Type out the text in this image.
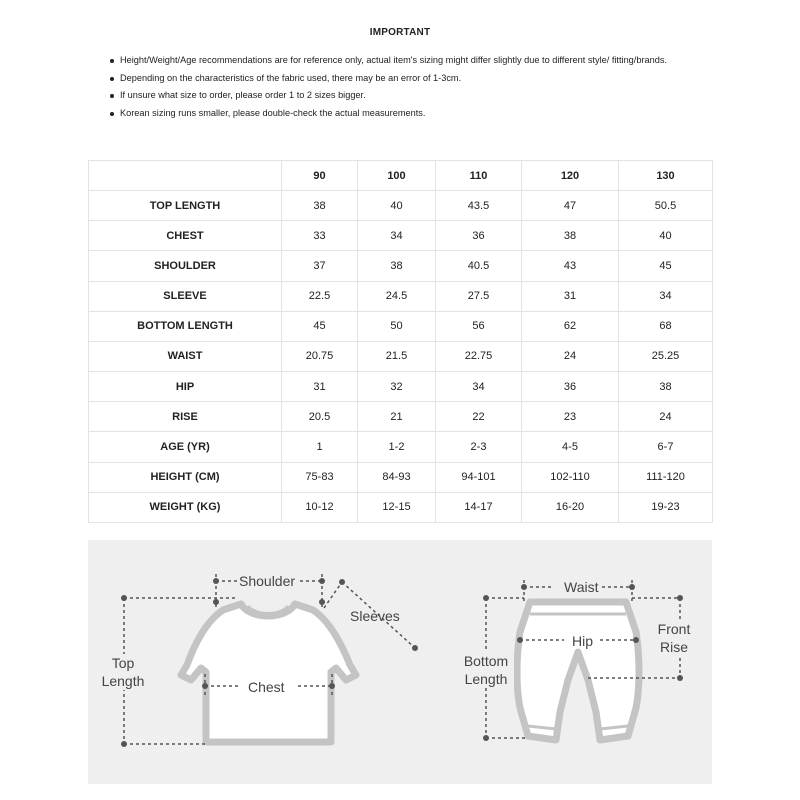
IMPORTANT
Height/Weight/Age recommendations are for reference only, actual item's sizing might differ slightly due to different style/ fitting/brands.
Depending on the characteristics of the fabric used, there may be an error of 1-3cm.
If unsure what size to order, please order 1 to 2 sizes bigger.
Korean sizing runs smaller, please double-check the actual measurements.
	90	100	110	120	130
TOP LENGTH	38	40	43.5	47	50.5
CHEST	33	34	36	38	40
SHOULDER	37	38	40.5	43	45
SLEEVE	22.5	24.5	27.5	31	34
BOTTOM LENGTH	45	50	56	62	68
WAIST	20.75	21.5	22.75	24	25.25
HIP	31	32	34	36	38
RISE	20.5	21	22	23	24
AGE (YR)	1	1-2	2-3	4-5	6-7
HEIGHT (CM)	75-83	84-93	94-101	102-110	111-120
WEIGHT (KG)	10-12	12-15	14-17	16-20	19-23
Shoulder
Sleeves
Top
Length	Chest
Waist
Hip
Front
Rise
Bottom
Length
